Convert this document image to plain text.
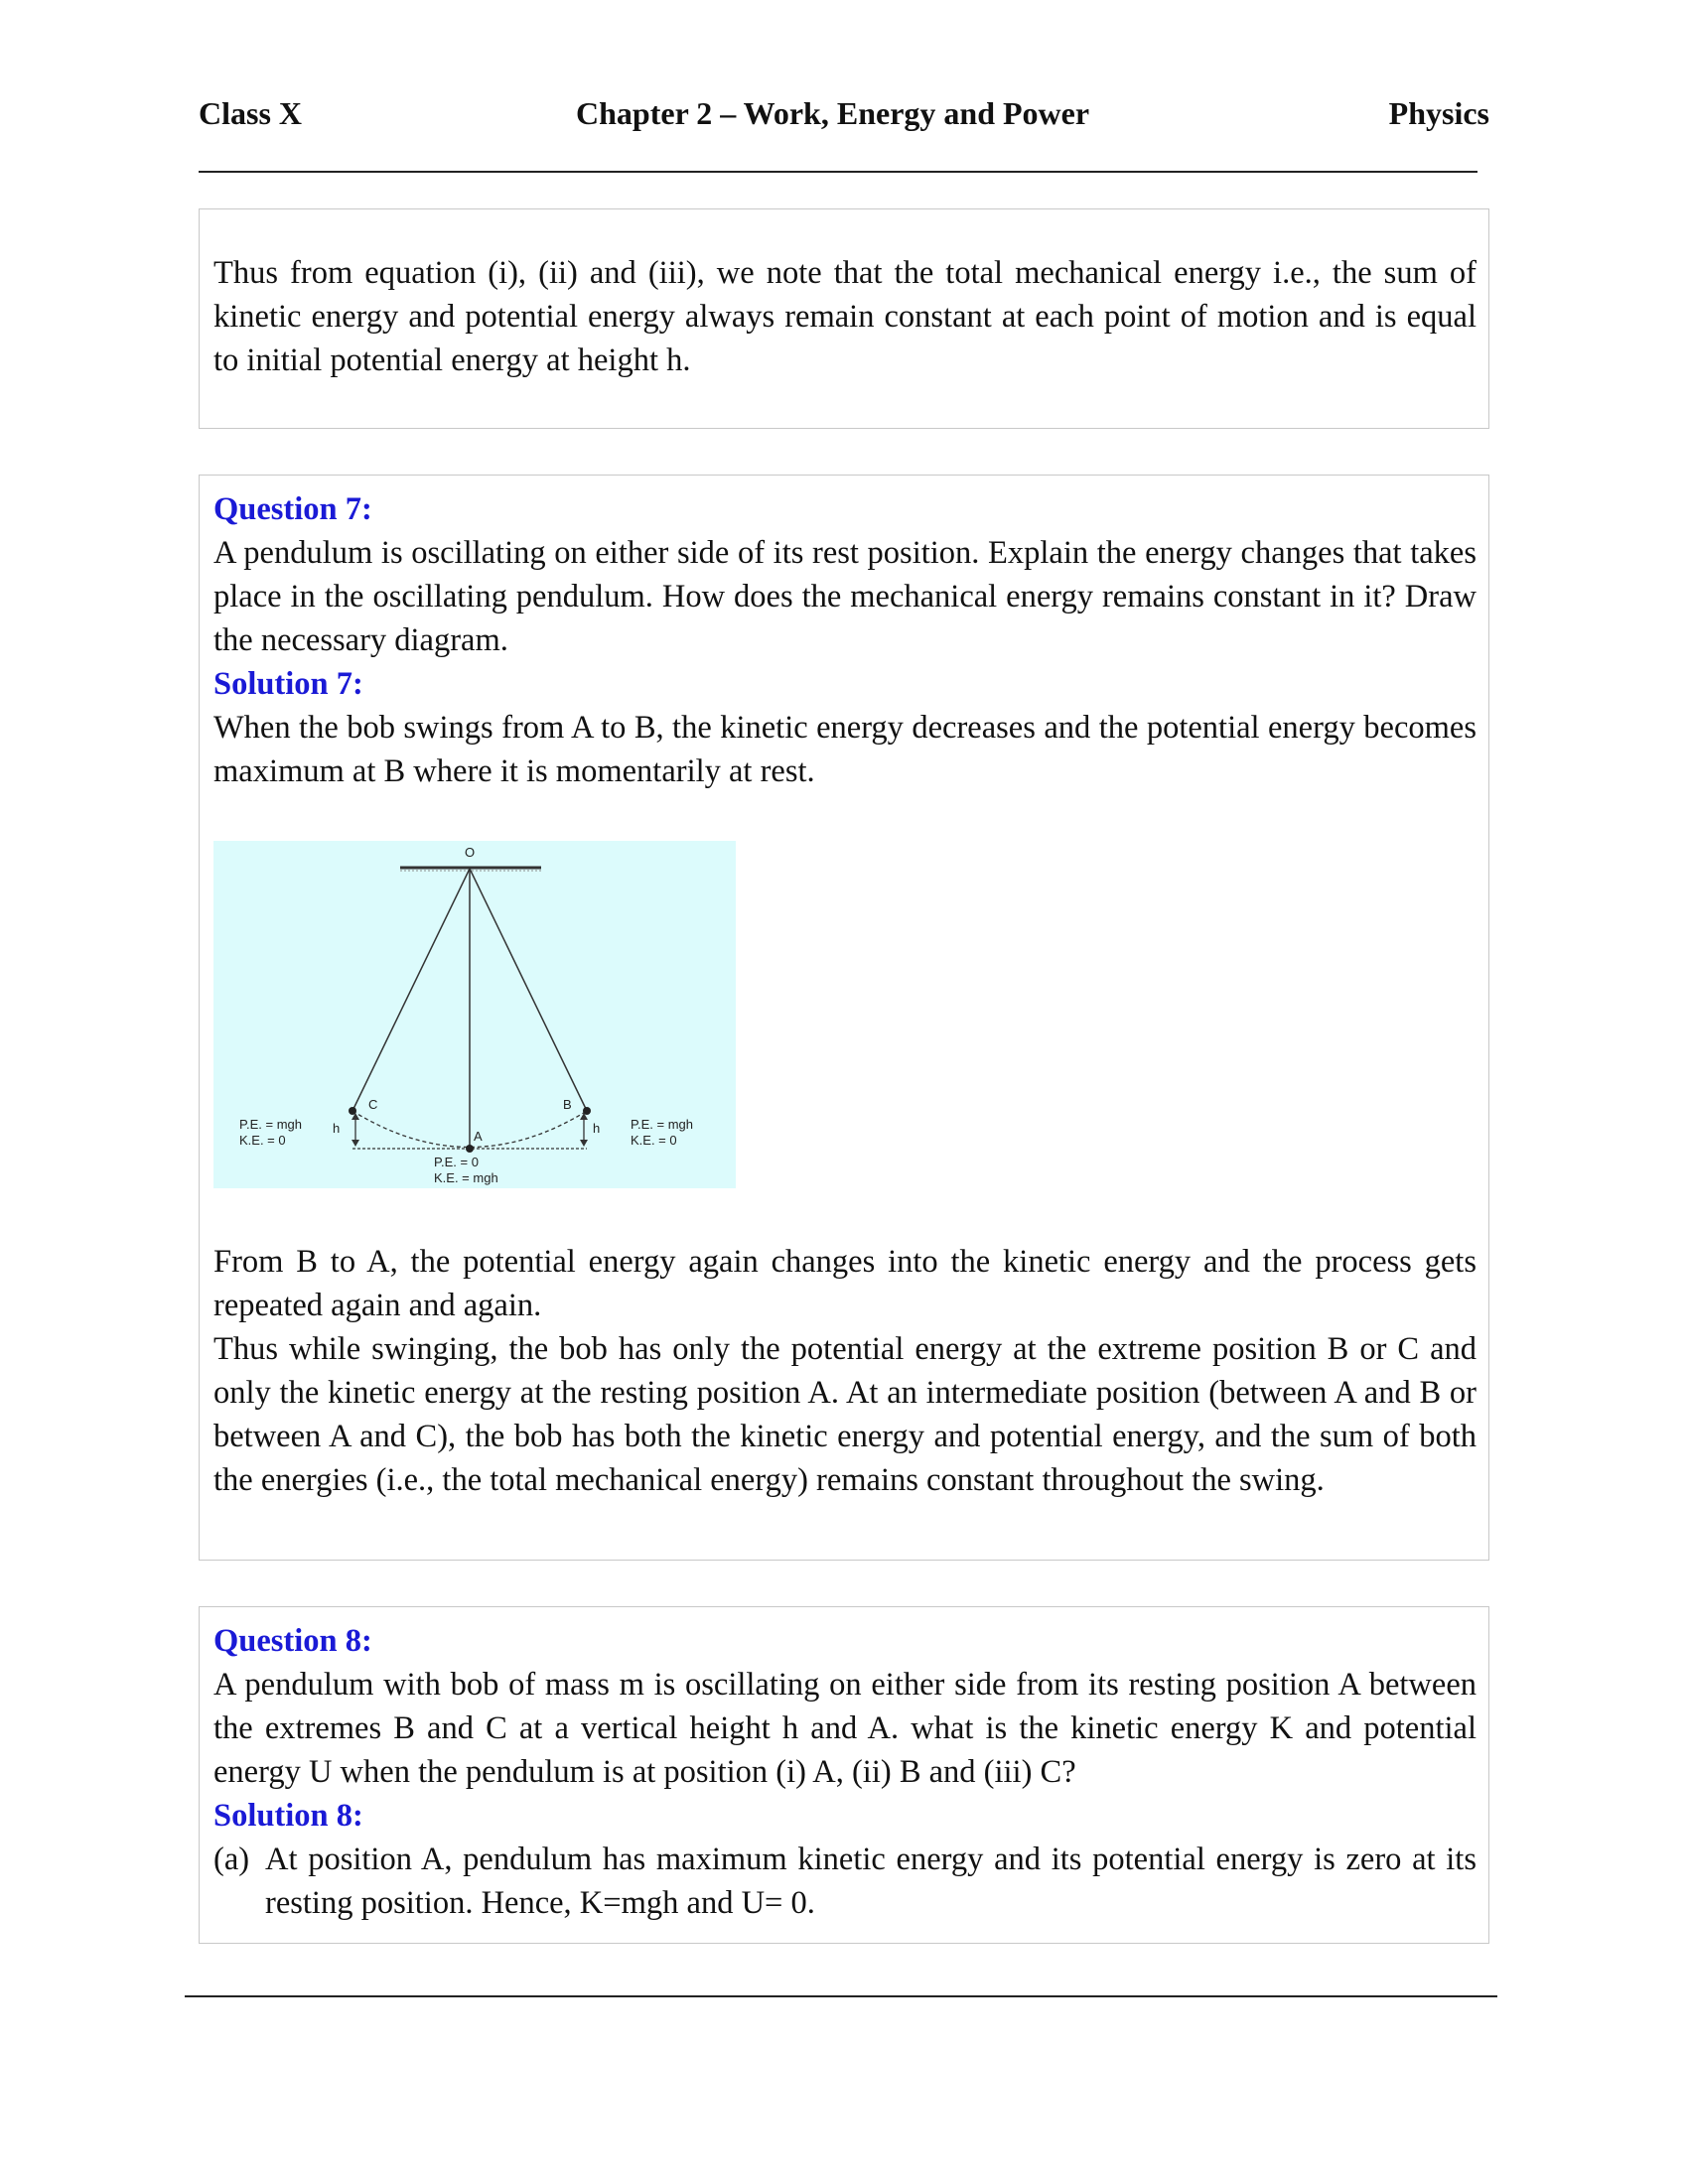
Class X	Chapter 2 – Work, Energy and Power	Physics

Thus from equation (i), (ii) and (iii), we note that the total mechanical energy i.e., the sum of kinetic energy and potential energy always remain constant at each point of motion and is equal to initial potential energy at height h.

Question 7:

A pendulum is oscillating on either side of its rest position. Explain the energy changes that takes place in the oscillating pendulum. How does the mechanical energy remains constant in it? Draw the necessary diagram.

Solution 7:

When the bob swings from A to B, the kinetic energy decreases and the potential energy becomes maximum at B where it is momentarily at rest.

O
C	B
A
h	h
P.E. = mgh
K.E. = 0
P.E. = mgh
K.E. = 0
P.E. = 0
K.E. = mgh

From B to A, the potential energy again changes into the kinetic energy and the process gets repeated again and again.

Thus while swinging, the bob has only the potential energy at the extreme position B or C and only the kinetic energy at the resting position A. At an intermediate position (between A and B or between A and C), the bob has both the kinetic energy and potential energy, and the sum of both the energies (i.e., the total mechanical energy) remains constant throughout the swing.

Question 8:

A pendulum with bob of mass m is oscillating on either side from its resting position A between the extremes B and C at a vertical height h and A. what is the kinetic energy K and potential energy U when the pendulum is at position (i) A, (ii) B and (iii) C?

Solution 8:

(a) At position A, pendulum has maximum kinetic energy and its potential energy is zero at its resting position. Hence, K=mgh and U= 0.
